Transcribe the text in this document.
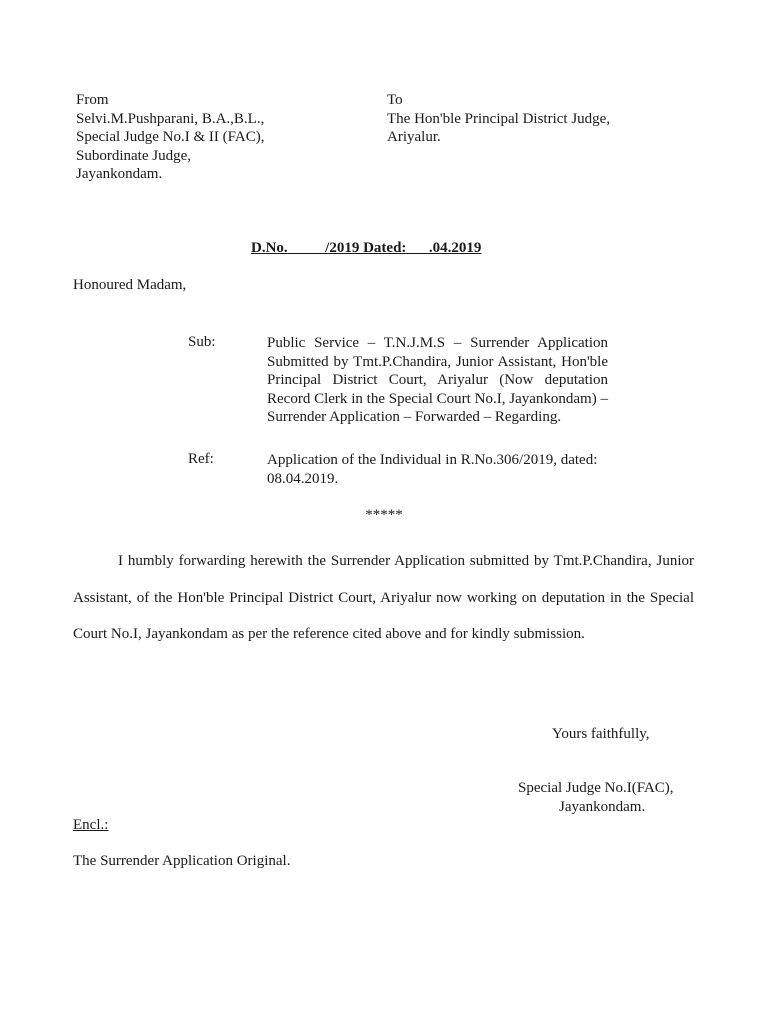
From
Selvi.M.Pushparani, B.A.,B.L.,
Special Judge No.I & II (FAC),
Subordinate Judge,
Jayankondam.
To
The Hon'ble Principal District Judge,
Ariyalur.
D.No.          /2019 Dated:      .04.2019
Honoured Madam,
Sub:	Public Service – T.N.J.M.S – Surrender Application Submitted by Tmt.P.Chandira, Junior Assistant, Hon'ble Principal District Court, Ariyalur (Now deputation Record Clerk in the Special Court No.I, Jayankondam) – Surrender Application – Forwarded – Regarding.
Ref:	Application of the Individual in R.No.306/2019, dated: 08.04.2019.
*****
I humbly forwarding herewith the Surrender Application submitted by Tmt.P.Chandira, Junior Assistant, of the Hon'ble Principal District Court, Ariyalur now working on deputation in the Special Court No.I, Jayankondam as per the reference cited above and for kindly submission.
Yours faithfully,
Special Judge No.I(FAC),
Jayankondam.
Encl.:
The Surrender Application Original.
